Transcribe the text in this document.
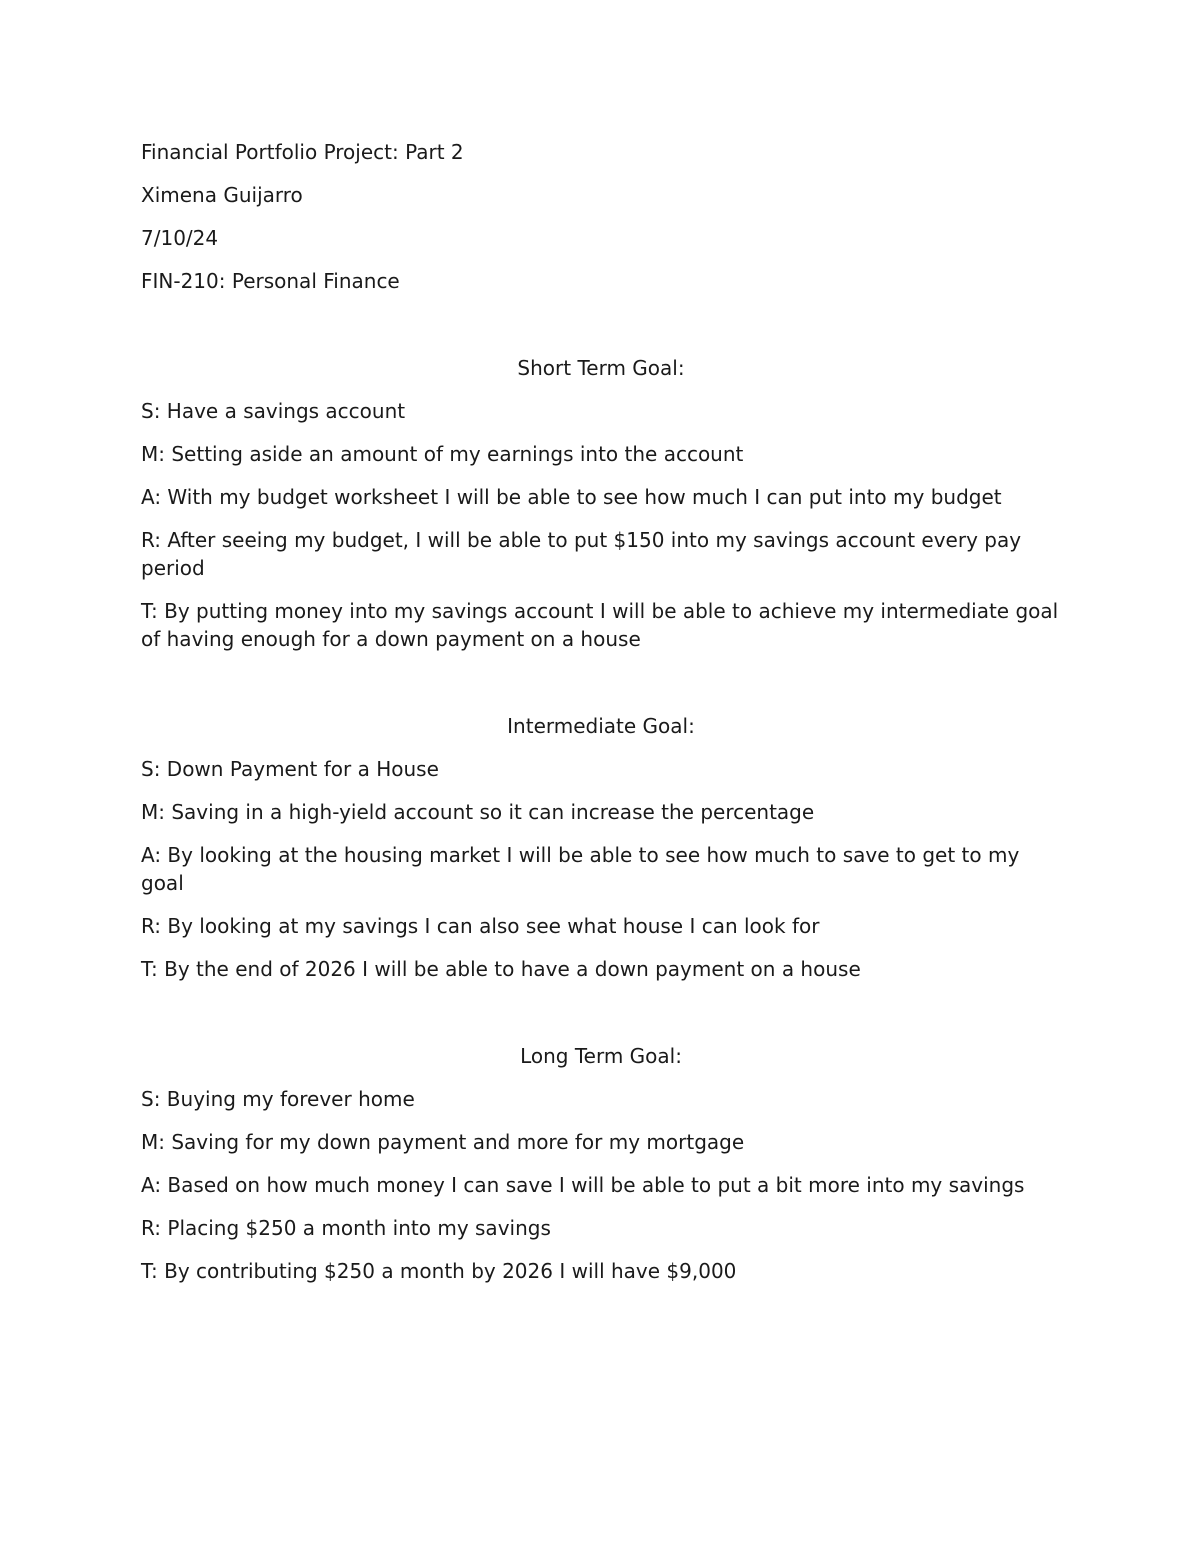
Financial Portfolio Project: Part 2

Ximena Guijarro

7/10/24

FIN-210: Personal Finance

Short Term Goal:

S: Have a savings account

M: Setting aside an amount of my earnings into the account

A: With my budget worksheet I will be able to see how much I can put into my budget

R: After seeing my budget, I will be able to put $150 into my savings account every pay period

T: By putting money into my savings account I will be able to achieve my intermediate goal of having enough for a down payment on a house

Intermediate Goal:

S: Down Payment for a House

M: Saving in a high-yield account so it can increase the percentage

A: By looking at the housing market I will be able to see how much to save to get to my goal

R: By looking at my savings I can also see what house I can look for

T: By the end of 2026 I will be able to have a down payment on a house

Long Term Goal:

S: Buying my forever home

M: Saving for my down payment and more for my mortgage

A: Based on how much money I can save I will be able to put a bit more into my savings

R: Placing $250 a month into my savings

T: By contributing $250 a month by 2026 I will have $9,000
